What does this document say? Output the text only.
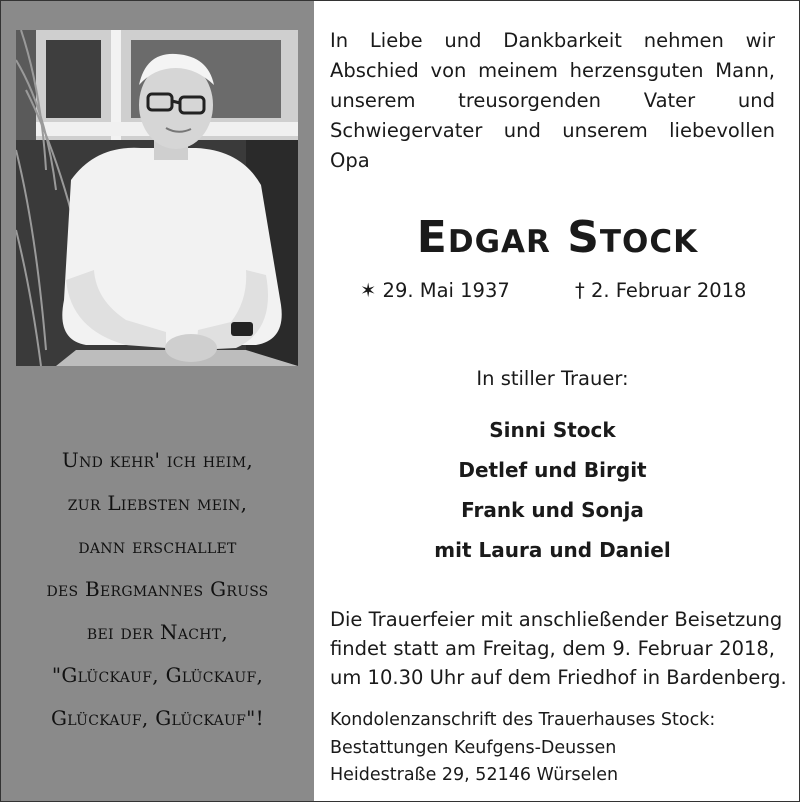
Und kehr' ich heim,
zur Liebsten mein,
dann erschallet
des Bergmannes Gruß
bei der Nacht,
"Glückauf, Glückauf,
Glückauf, Glückauf"!
In Liebe und Dankbarkeit nehmen wir
Abschied von meinem herzensguten Mann,
unserem treusorgenden Vater und
Schwiegervater und unserem liebevollen Opa
Edgar Stock
✶ 29. Mai 1937	† 2. Februar 2018
In stiller Trauer:
Sinni Stock
Detlef und Birgit
Frank und Sonja
mit Laura und Daniel
Die Trauerfeier mit anschließender Beisetzung
findet statt am Freitag, dem 9. Februar 2018,
um 10.30 Uhr auf dem Friedhof in Bardenberg.
Kondolenzanschrift des Trauerhauses Stock:
Bestattungen Keufgens-Deussen
Heidestraße 29, 52146 Würselen
